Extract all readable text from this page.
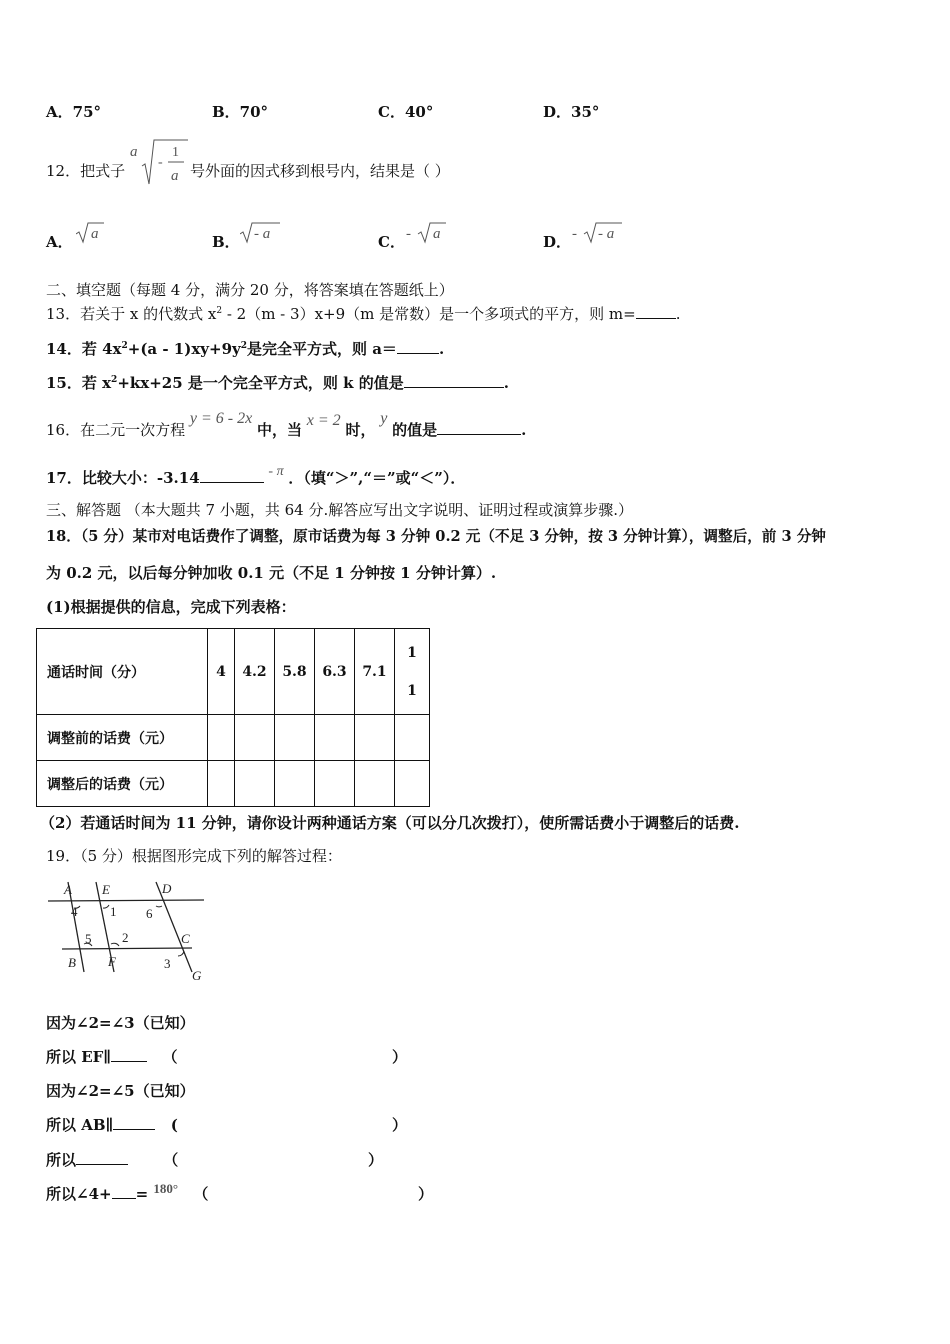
A．75°	B．70°	C．40°	D．35°
12．把式子
a
-
1
a 号外面的因式移到根号内，结果是（ ）
A． a	B． - a	C． - a	D． - - a
二、填空题（每题 4 分，满分 20 分，将答案填在答题纸上）
13．若关于 x 的代数式 $x^2 - 2(m - 3)x+9(m$ 是常数）是一个多项式的平方，则 m=	.
14．若 $4x^2+(a - 1)xy+9y^2$是完全平方式，则 a＝	.
15．若 $x^2+kx+25$ 是一个完全平方式，则 k 的值是	.
16．在二元一次方程 y = 6 - 2x 中，当 x = 2 时， y 的值是	.
17．比较大小：-3.14	- π ．（填“＞”,“＝”或“＜”）．
三、解答题 （本大题共 7 小题，共 64 分.解答应写出文字说明、证明过程或演算步骤.）
18．（5 分）某市对电话费作了调整，原市话费为每 3 分钟 0.2 元（不足 3 分钟，按 3 分钟计算），调整后，前 3 分钟
为 0.2 元，以后每分钟加收 0.1 元（不足 1 分钟按 1 分钟计算）.
(1)根据提供的信息，完成下列表格：
通话时间（分）	4	4.2	5.8	6.3	7.1	1
1
调整前的话费（元）						
调整后的话费（元）						
（2）若通话时间为 11 分钟，请你设计两种通话方案（可以分几次拨打），使所需话费小于调整后的话费.
19．（5 分）根据图形完成下列的解答过程：
A E	D
4	1 6
5 2	C
B F	3
G
因为∠2=∠3（已知）
所以 EF∥	（	）
因为∠2=∠5（已知）
所以 AB∥	(	）
所以	（	）
所以∠4+ = 180° （	）
